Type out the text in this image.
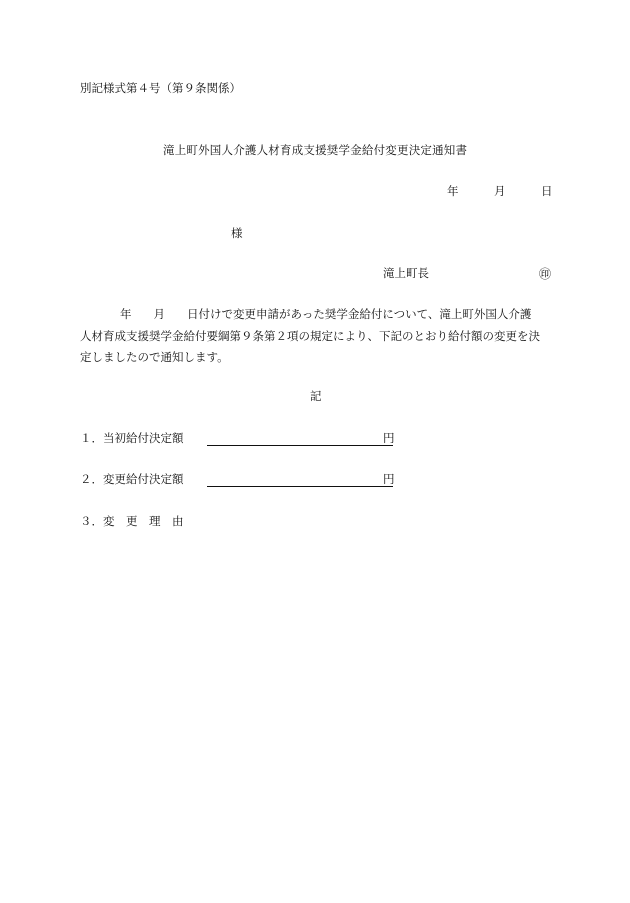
別記様式第４号（第９条関係）
滝上町外国人介護人材育成支援奨学金給付変更決定通知書
年	月	日
様
滝上町長	㊞
年 月 日付けで変更申請があった奨学金給付について、滝上町外国人介護
人材育成支援奨学金給付要綱第９条第２項の規定により、下記のとおり給付額の変更を決
定しましたので通知します。
記
１．当初給付決定額	円
２．変更給付決定額	円
３．変　更　理　由
